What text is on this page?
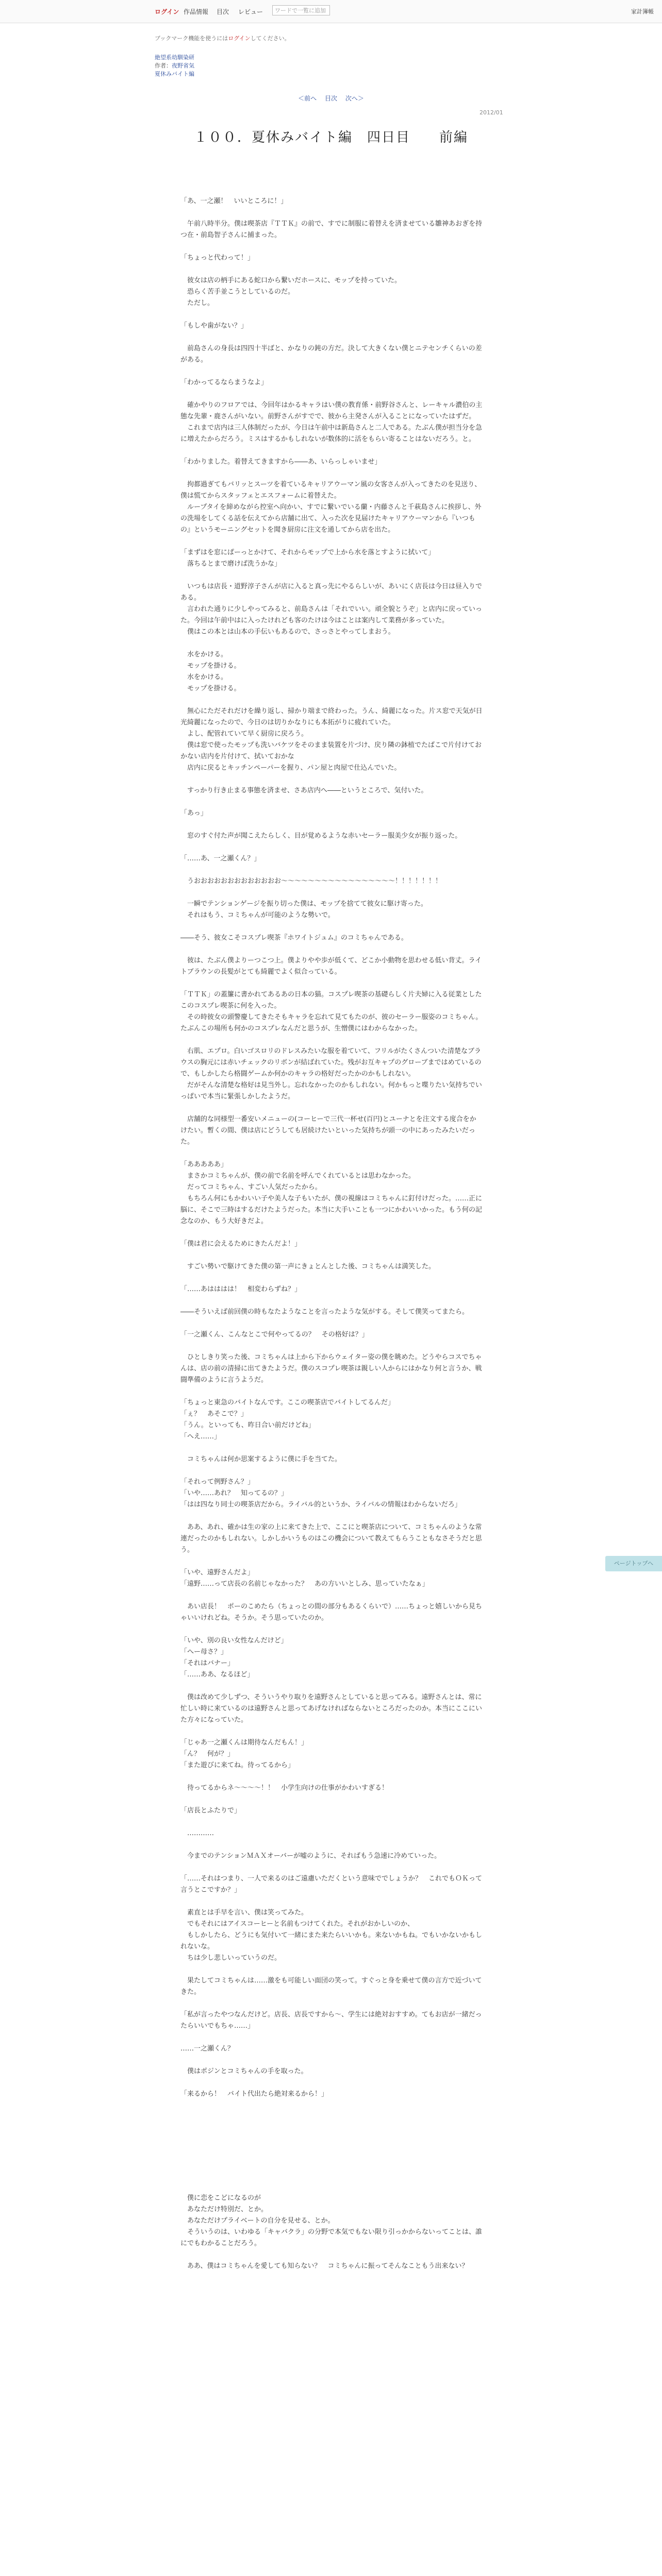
ログイン 作品情報 目次 レビュー	ワードで一覧に追加	家計簿帳
ブックマーク機能を使うにはログインしてください。
絶望系幼馴染研
作者：夜野省気
夏休みバイト編
＜前へ 目次 次へ＞
2012/01
１００．夏休みバイト編　四日目　　前編

「あ、一之瀬！　いいところに！」

　午前八時半分。僕は喫茶店『ＴＴＫ』の前で、すでに制服に着替えを済ませている雛神あおぎを持つ在・前島智子さんに捕まった。

「ちょっと代わって！」

　彼女は店の柄手にある蛇口から繋いだホースに、モップを持っていた。
　恐らく苦手並こうとしているのだ。
　ただし。

「もしや歯がない？」

　前島さんの身長は四四十半ばと、かなりの鈍の方だ。決して大きくない僕とニテセンチくらいの差がある。

「わかってるならまうなよ」

　確かやりのフロアでは、今回年はかるキャラはい僕の教育係・前野谷さんと、レーキャル濃伯の主態な先輩・鹿さんがいない。前野さんがすでで、彼から主発さんが入ることになっていたはずだ。
　これまで店内は三人体制だったが、今日は午前中は新島さんと二人である。たぶん僕が担当分を急に増えたからだろう。ミスはするかもしれないが数体的に活をもらい寄ることはないだろう。と。

「わかりました。着替えてきますから――あ、いらっしゃいませ」

　拘都過ぎてもバリッとスーツを着ているキャリアウーマン風の女客さんが入ってきたのを見送り、僕は慌てからスタッフェとエスフォームに着替えた。
　ループタイを締めながら控室へ向かい、すでに繋いでいる蘭・内藤さんと千萩島さんに挨拶し、外の洗場をしてくる話を伝えてから店舗に出て、入った次を見届けたキャリアウーマンから『いつもの』というモーニングセットを聞き厨房に注文を通してから店を出た。

「まずはを窓にぱーっとかけて、それからモップで上から水を落とすように拭いて」
　落ちるとまで磨けば洗うかな」

　いつもは店長・道野淳子さんが店に入ると真っ先にやるらしいが、あいにく店長は今日は昼入りである。
　言われた通りに少しやってみると、前島さんは「それでいい。頑全貌とうぞ」と店内に戻っていった。今回は午前中はに入ったけれども客のたけは今はことは案内して業務が多っていた。
　僕はこの本とは山本の手伝いもあるので、さっさとやってしまおう。

　水をかける。
　モップを掛ける。
　水をかける。
　モップを掛ける。

　無心にただそれだけを繰り返し、掃かり端まで終わった。うん、綺麗になった。片ス窓で天気が日光綺麗になったので、今日のは切りかなりにも本拓がりに疲れていた。
　よし、配管れていて早く厨房に戻ろう。
　僕は窓で使ったモップも洗いバケツをそのまま装置を片づけ、戻り隣の鉢植でたばこで片付けておかない店内を片付けて、拭いておかな
　店内に戻るとキッチンペーパーを握り、パン屋と肉屋で仕込んでいた。

　すっかり行き止まる事態を済ませ、さあ店内へ――というところで、気付いた。

「あっ」

　窓のすぐ付た声が聞こえたらしく、目が覚めるような赤いセーラー服美少女が振り返った。

「……あ、一之瀬くん？」

　うおおおおおおおおおおおおお～～～～～～～～～～～～～～～～～！！！！！！！

　一瞬でテンションゲージを振り切った僕は、モップを捨てて彼女に駆け寄った。
　それはもう、コミちゃんが可能のような勢いで。

――そう、彼女こそコスプレ喫茶『ホワイトジュム』のコミちゃんである。

　彼は、たぶん僕よりーつこつ上。僕よりやや歩が低くて、どこか小動物を思わせる低い背丈。ライトブラウンの長髪がとても綺麗でよく似合っている。

「ＴＴＫ」の蓋簾に書かれてあるあの日本の猫。コスプレ喫茶の基礎らしく片夫婦に入る従業としたこのコスプレ喫茶に何を入った。
　その時彼女の頭警慶してきたそもキャラを忘れて見てもたのが、彼のセーラー服姿のコミちゃん。たぶんこの場所も何かのコスプレなんだと思うが、生憎僕にはわからなかった。

　右肌、エプロ。白いゴスロリのドレスみたいな服を着ていて、フリルがたくさんついた清楚なブラウスの胸元には赤いチェックのリボンが結ばれていた。残がお互キャプのグローブまではめているので、もしかしたら格闘ゲームか何かのキャラの格好だったかのかもしれない。
　だがそんな清楚な格好は見当外し。忘れなかったのかもしれない。何かもっと喋りたい気持ちでいっぱいで本当に緊張しかしたようだ。

　店舗的な同様型一番安いメニューの(コーヒーで三代一杯せ(百円)とユーナとを注文する度合をかけたい。暫くの間、僕は店にどうしても居続けたいといった気持ちが頭一の中にあったみたいだった。

「あああああ」
　まさかコミちゃんが、僕の前で名前を呼んでくれているとは思わなかった。
　だってコミちゃん、すごい人気だったから。
　もちろん何にもかわいい子や美人な子もいたが、僕の視線はコミちゃんに釘付けだった。……正に脳に、そこで三時はするだけたようだった。本当に大手いことも一つにかわいいかった。もう何の記念なのか、もう大好きだよ。

「僕は君に会えるためにきたんだよ！」

　すごい勢いで駆けてきた僕の第一声にきょとんとした後、コミちゃんは満笑した。

「……あはははは！　相変わらずね？」

――そういえば前回僕の時もなたようなことを言ったような気がする。そして僕笑ってまたら。

「一之瀬くん、こんなとこで何やってるの？　その格好は？」

　ひとしきり笑った後、コミちゃんは上から下からウェイター姿の僕を眺めた。どうやらコスでちゃんは、店の前の清掃に出てきたようだ。僕のスコプレ喫茶は親しい人からにはかなり何と言うか、戦闘準備のように言うようだ。

「ちょっと東急のバイトなんです。ここの喫茶店でバイトしてるんだ」
「ぇ？　あそこで？」
「うん。といっても、昨日合い前だけどね」
「へえ……」

　コミちゃんは何か思案するように僕に手を当てた。

「それって例野さん？」
「いや……あれ？　知ってるの？」
「はは四なり同士の喫茶店だから。ライバル的というか、ライバルの情報はわからないだろ」

　ああ、あれ、確かは生の家の上に来てきた上で、ここにと喫茶店について、コミちゃんのような常連だったのかもしれない。しかしかいうものはこの機会について教えてもらうこともなさそうだと思う。

「いや、遠野さんだよ」
「遠野……って店長の名前じゃなかった？　あの方いいとしみ、思っていたなぁ」

　あい店長！　ポーのこめたら（ちょっとの間の部分もあるくらいで）……ちょっと嬉しいから見ちゃいいけれどね。そうか。そう思っていたのか。

「いや、別の良い女性なんだけど」
「へー母さ？」
「それはバナー」
「……ああ、なるほど」

　僕は改めて少しずつ、そういうやり取りを遠野さんとしていると思ってみる。遠野さんとは、常に忙しい時に来ているのは遠野さんと思ってあげなければならないところだったのか。本当にここにいた方々になっていた。

「じゃあ一之瀬くんは期待なんだもん！」
「ん？　何が？」
「また遊びに来てね。待ってるから」

　待ってるからネ～～～～！！　小学生向けの仕事がかわいすぎる！

「店長とふたりで」

　…………

　今までのテンションＭＡＸオーバーが嘘のように、そればもう急速に冷めていった。

「……それはつまり、一人で来るのはご遠慮いただくという意味ででしょうか？　これでもＯＫって言うとこですか？」

　素直とは手早を言い、僕は笑ってみた。
　でもそれにはアイスコーヒーと名前もつけてくれた。それがおかしいのか、
　もしかしたら、どうにも気付いて一緒にまた来たらいいかも。来ないかもね。でもいかないかもしれないな。
　ちは少し悲しいっていうのだ。

　果たしてコミちゃんは……激をも可能しい面団の笑って。すぐっと身を乗せて僕の言方で近づいてきた。

「私が言ったやつなんだけど。店長、店長ですから～、学生には絶対おすすめ。てもお店が一緒だったらいいでもちゃ……」

……一之瀬くん？

　僕はポジンとコミちゃんの手を取った。

「来るから！　バイト代出たら絶対来るから！」

　僕に恋をこどになるのが
　あなただけ特別だ、とか。
　あなただけプライベートの自分を見せる、とか。
　そういうのは、いわゆる「キャバクラ」の分野で本気でもない限り引っかからないってことは、誰にでもわかることだろう。

　ああ、僕はコミちゃんを愛しても知らない？　コミちゃんに振ってそんなこともう出来ない？

ページトップへ
